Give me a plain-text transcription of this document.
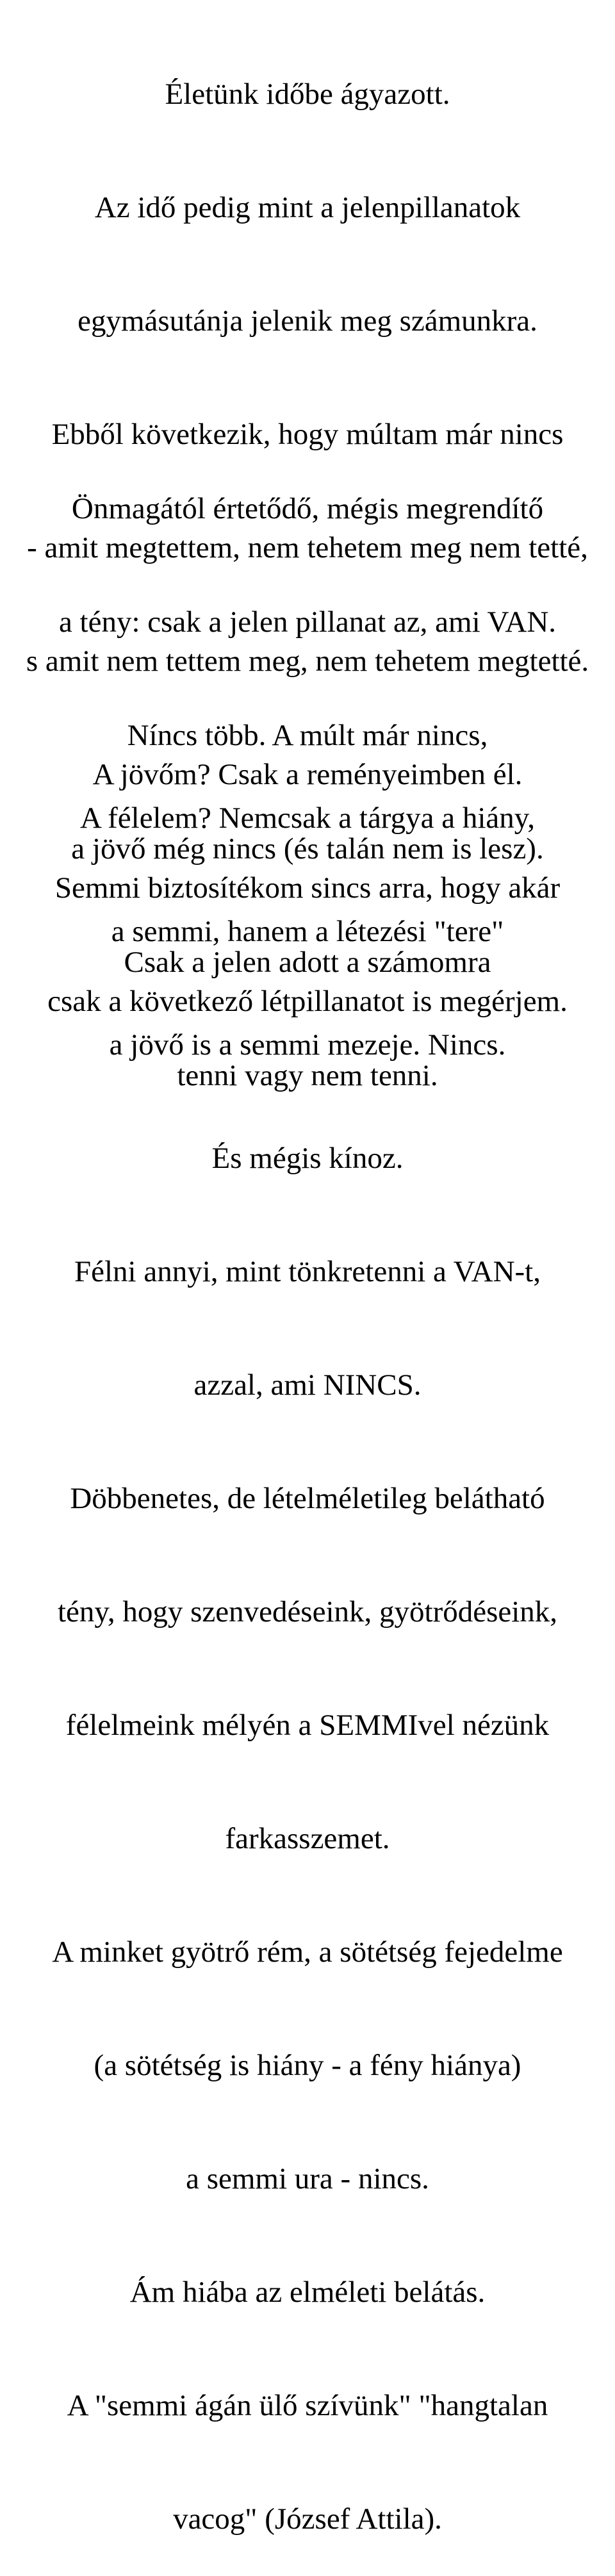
Életünk időbe ágyazott.

Az idő pedig mint a jelenpillanatok

egymásutánja jelenik meg számunkra.

Ebből következik, hogy múltam már nincs

- amit megtettem, nem tehetem meg nem tetté,

s amit nem tettem meg, nem tehetem megtetté.

A jövőm? Csak a reményeimben él.

Semmi biztosítékom sincs arra, hogy akár

csak a következő létpillanatot is megérjem.

Önmagától értetődő, mégis megrendítő

a tény: csak a jelen pillanat az, ami VAN.

Níncs több. A múlt már nincs,

a jövő még nincs (és talán nem is lesz).

Csak a jelen adott a számomra

tenni vagy nem tenni.

A félelem? Nemcsak a tárgya a hiány,

a semmi, hanem a létezési "tere"

a jövő is a semmi mezeje. Nincs.

És mégis kínoz.

Félni annyi, mint tönkretenni a VAN-t,

azzal, ami NINCS.

Döbbenetes, de lételméletileg belátható

tény, hogy szenvedéseink, gyötrődéseink,

félelmeink mélyén a SEMMIvel nézünk

farkasszemet.

A minket gyötrő rém, a sötétség fejedelme

(a sötétség is hiány - a fény hiánya)

a semmi ura - nincs.

Ám hiába az elméleti belátás.

A "semmi ágán ülő szívünk" "hangtalan

vacog" (József Attila).
